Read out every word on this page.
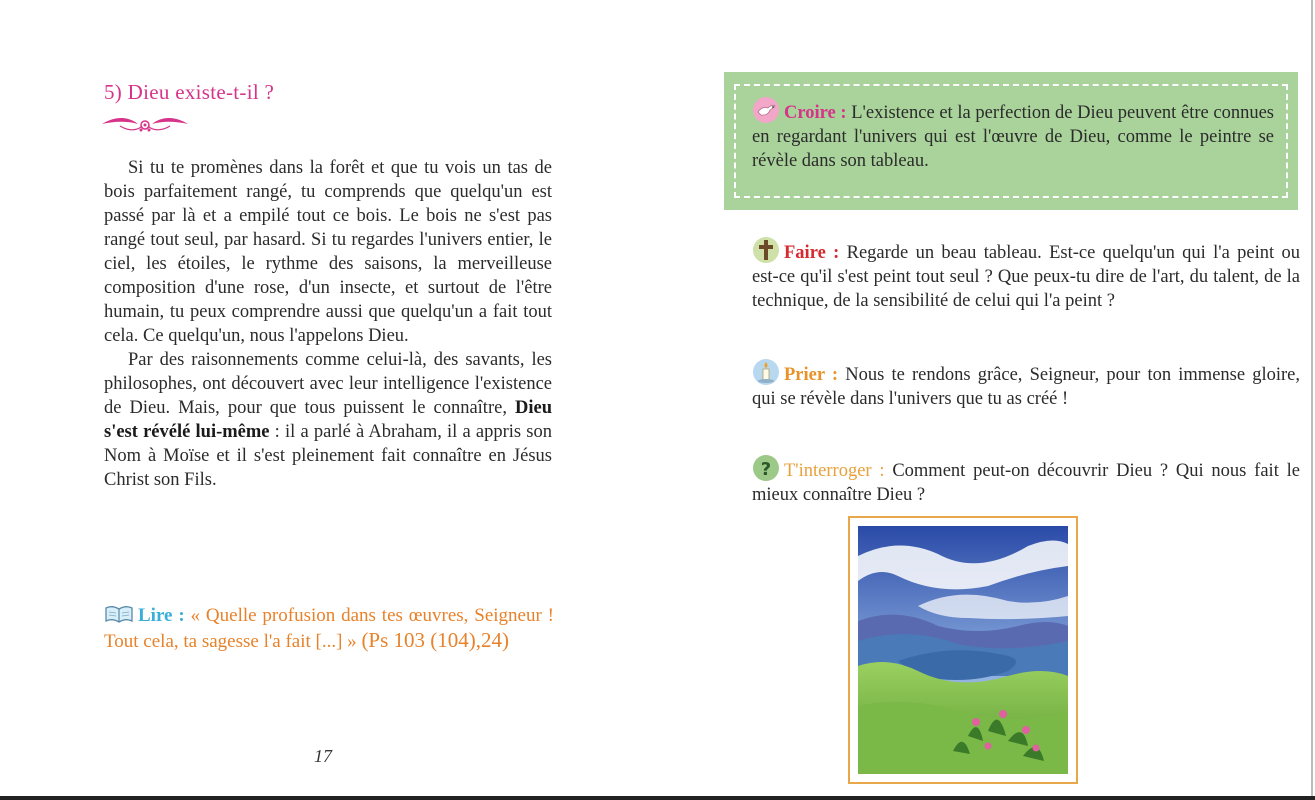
5) Dieu existe-t-il ?

Si tu te promènes dans la forêt et que tu vois un tas de bois parfaitement rangé, tu comprends que quelqu'un est passé par là et a empilé tout ce bois. Le bois ne s'est pas rangé tout seul, par hasard. Si tu regardes l'univers entier, le ciel, les étoiles, le rythme des saisons, la merveilleuse composition d'une rose, d'un insecte, et surtout de l'être humain, tu peux comprendre aussi que quelqu'un a fait tout cela. Ce quelqu'un, nous l'appelons Dieu.

Par des raisonnements comme celui-là, des savants, les philosophes, ont découvert avec leur intelligence l'existence de Dieu. Mais, pour que tous puissent le connaître, Dieu s'est révélé lui-même : il a parlé à Abraham, il a appris son Nom à Moïse et il s'est pleinement fait connaître en Jésus Christ son Fils.

Lire : « Quelle profusion dans tes œuvres, Seigneur ! Tout cela, ta sagesse l'a fait [...] » (Ps 103 (104),24)
17
Croire : L'existence et la perfection de Dieu peuvent être connues en regardant l'univers qui est l'œuvre de Dieu, comme le peintre se révèle dans son tableau.
Faire : Regarde un beau tableau. Est-ce quelqu'un qui l'a peint ou est-ce qu'il s'est peint tout seul ? Que peux-tu dire de l'art, du talent, de la technique, de la sensibilité de celui qui l'a peint ?
Prier : Nous te rendons grâce, Seigneur, pour ton immense gloire, qui se révèle dans l'univers que tu as créé !
? T'interroger : Comment peut-on découvrir Dieu ? Qui nous fait le mieux connaître Dieu ?
